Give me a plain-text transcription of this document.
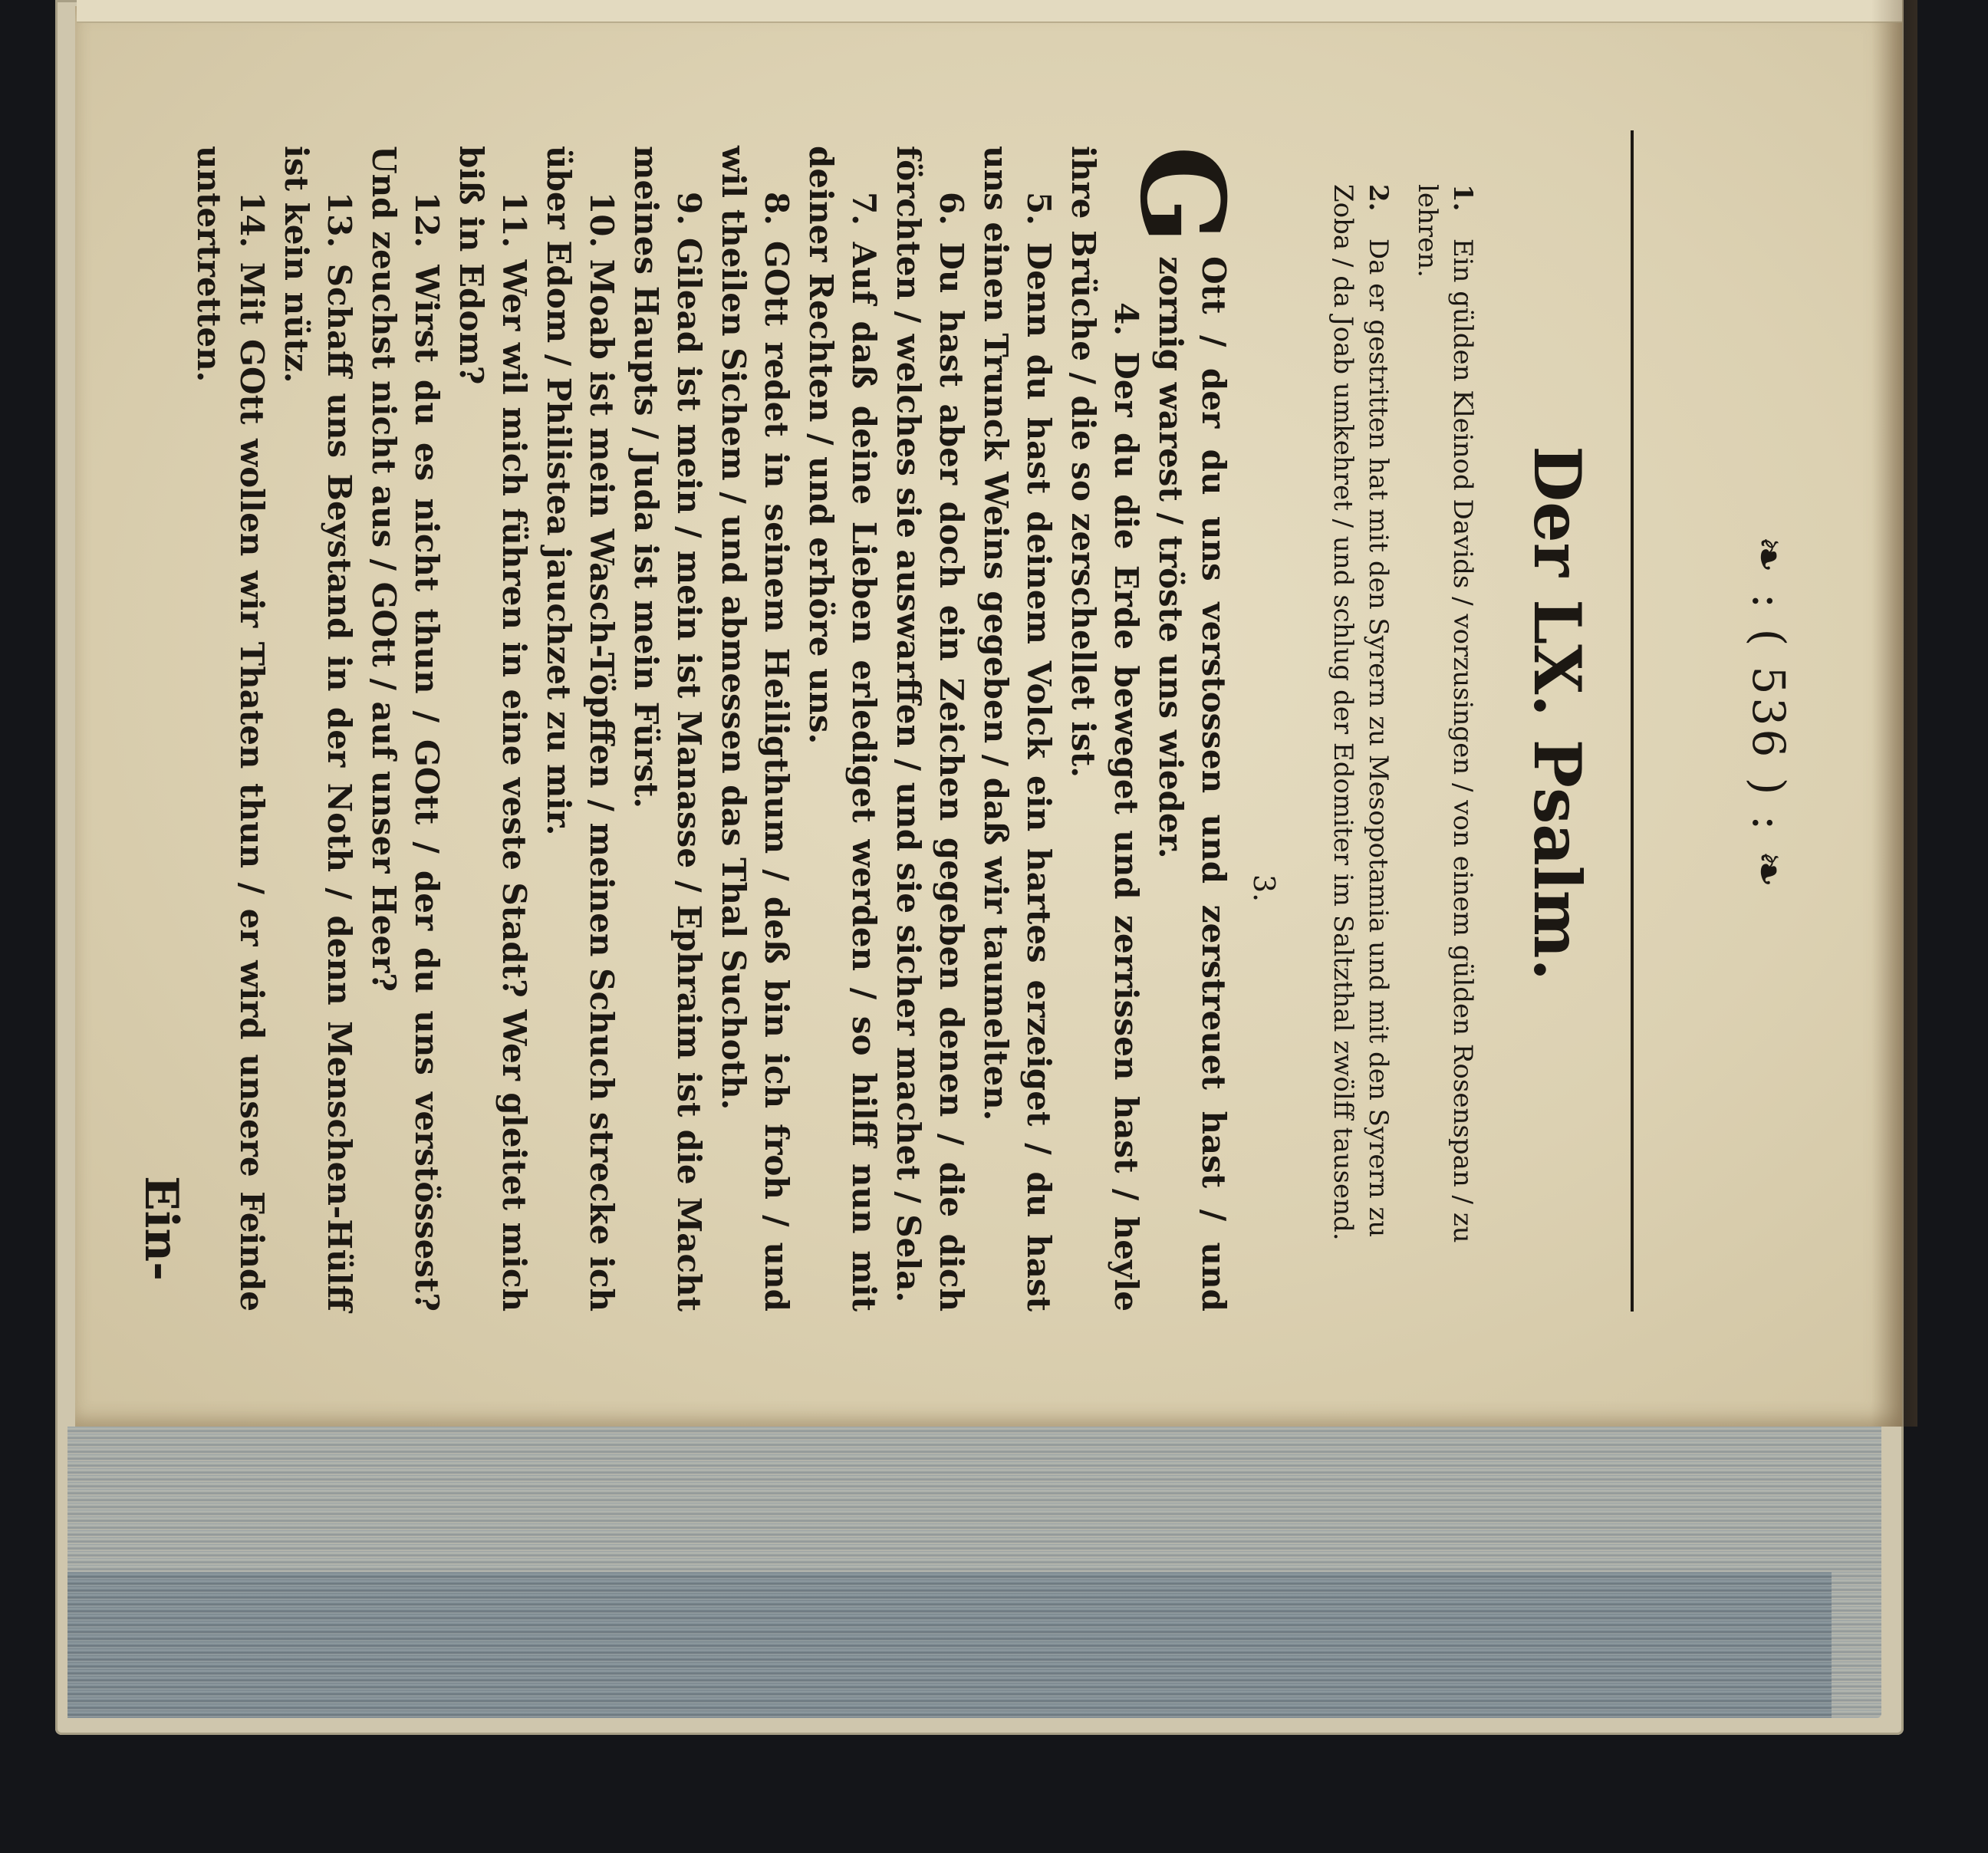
❧ : ( 536 ) : ❧
Der LX. Psalm.
1. Ein gülden Kleinod Davids / vorzusingen / von einem gülden Rosenspan / zu lehren.
2. Da er gestritten hat mit den Syrern zu Mesopotamia und mit den Syrern zu Zoba / da Joab umkehret / und schlug der Edomiter im Saltzthal zwölff tausend.
3.

G
Ott / der du uns verstossen und zerstreuet hast / und zornig warest / tröste uns wieder.

4. Der du die Erde beweget und zerrissen hast / heyle ihre Brüche / die so zerschellet ist.

5. Denn du hast deinem Volck ein hartes erzeiget / du hast uns einen Trunck Weins gegeben / daß wir taumelten.

6. Du hast aber doch ein Zeichen gegeben denen / die dich förchten / welches sie auswarffen / und sie sicher machet / Sela.

7. Auf daß deine Lieben erlediget werden / so hilff nun mit deiner Rechten / und erhöre uns.

8. GOtt redet in seinem Heiligthum / deß bin ich froh / und wil theilen Sichem / und abmessen das Thal Suchoth.

9. Gilead ist mein / mein ist Manasse / Ephraim ist die Macht meines Haupts / Juda ist mein Fürst.

10. Moab ist mein Wasch-Töpffen / meinen Schuch strecke ich über Edom / Philistea jauchzet zu mir.

11. Wer wil mich führen in eine veste Stadt? Wer gleitet mich biß in Edom?

12. Wirst du es nicht thun / GOtt / der du uns verstössest? Und zeuchst nicht aus / GOtt / auf unser Heer?

13. Schaff uns Beystand in der Noth / denn Menschen-Hülff ist kein nütz.

14. Mit GOtt wollen wir Thaten thun / er wird unsere Feinde untertretten.

Ein-
